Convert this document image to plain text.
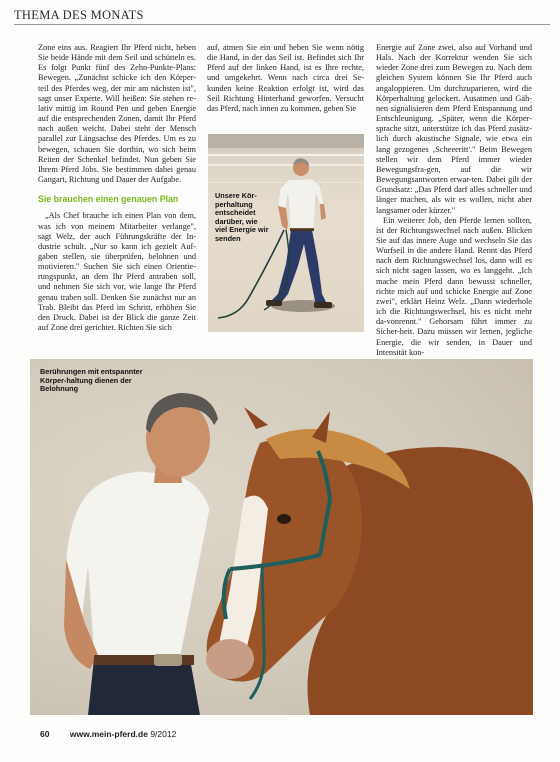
THEMA DES MONATS

Zone eins aus. Reagiert Ihr Pferd nicht, heben Sie beide Hände mit dem Seil und schütteln es. Es folgt Punkt fünf des Zehn-Punkte-Plans: Bewegen. „Zunächst schicke ich den Körper-teil des Pferdes weg, der mir am nächsten ist", sagt unser Experte. Will heißen: Sie stehen re-lativ mittig im Round Pen und geben Energie auf die entsprechenden Zonen, damit Ihr Pferd nach außen weicht. Dabei steht der Mensch parallel zur Längsachse des Pferdes. Um es zu bewegen, schauen Sie dorthin, wo sich beim Reiten der Schenkel befindet. Nun geben Sie Ihrem Pferd Jobs. Sie bestimmen dabei genau Gangart, Richtung und Dauer der Aufgabe.

Sie brauchen einen genauen Plan

„Als Chef brauche ich einen Plan von dem, was ich von meinem Mitarbeiter verlange", sagt Welz, der auch Führungskräfte der In-dustrie schult. „Nur so kann ich gezielt Auf-gaben stellen, sie überprüfen, belohnen und motivieren." Suchen Sie sich einen Orientie-rungspunkt, an dem Ihr Pferd antraben soll, und nehmen Sie sich vor, wie lange Ihr Pferd genau traben soll. Denken Sie zunächst nur an Trab. Bleibt das Pferd im Schritt, erhöhen Sie den Druck. Dabei ist der Blick die ganze Zeit auf Zone drei gerichtet. Richten Sie sich

auf, atmen Sie ein und heben Sie wenn nötig die Hand, in der das Seil ist. Befindet sich Ihr Pferd auf der linken Hand, ist es Ihre rechte, und umgekehrt. Wenn nach circa drei Se-kunden keine Reaktion erfolgt ist, wird das Seil Richtung Hinterhand geworfen. Versucht das Pferd, nach innen zu kommen, geben Sie

Unsere Kör-perhaltung entscheidet darüber, wie viel Energie wir senden

Energie auf Zone zwei, also auf Vorhand und Hals. Nach der Korrektur wenden Sie sich wieder Zone drei zum Bewegen zu. Nach dem gleichen System können Sie Ihr Pferd auch angaloppieren. Um durchzuparieren, wird die Körperhaltung gelockert. Ausatmen und Gäh-nen signalisieren dem Pferd Entspannung und Entschleunigung. „Später, wenn die Körper-sprache sitzt, unterstütze ich das Pferd zusätz-lich durch akustische Signale, wie etwa ein lang gezogenes ‚Scheeeritt'." Beim Bewegen stellen wir dem Pferd immer wieder Bewegungsfra-gen, auf die wir Bewegungsantworten erwar-ten. Dabei gilt der Grundsatz: „Das Pferd darf alles schneller und länger machen, als wir es wollen, nicht aber langsamer oder kürzer."

Ein weiterer Job, den Pferde lernen sollten, ist der Richtungswechsel nach außen. Blicken Sie auf das innere Auge und wechseln Sie das Wurfseil in die andere Hand. Rennt das Pferd nach dem Richtungswechsel los, dann will es sich nicht sagen lassen, wo es langgeht. „Ich mache mein Pferd dann bewusst schneller, richte mich auf und schicke Energie auf Zone zwei", erklärt Heinz Welz. „Dann wiederhole ich die Richtungswechsel, bis es nicht mehr da-vonrennt." Gehorsam führt immer zu Sicher-heit. Dazu müssen wir lernen, jegliche Energie, die wir senden, in Dauer und Intensität kon-

Berührungen mit entspannter Körper-haltung dienen der Belohnung
60 www.mein-pferd.de 9/2012
